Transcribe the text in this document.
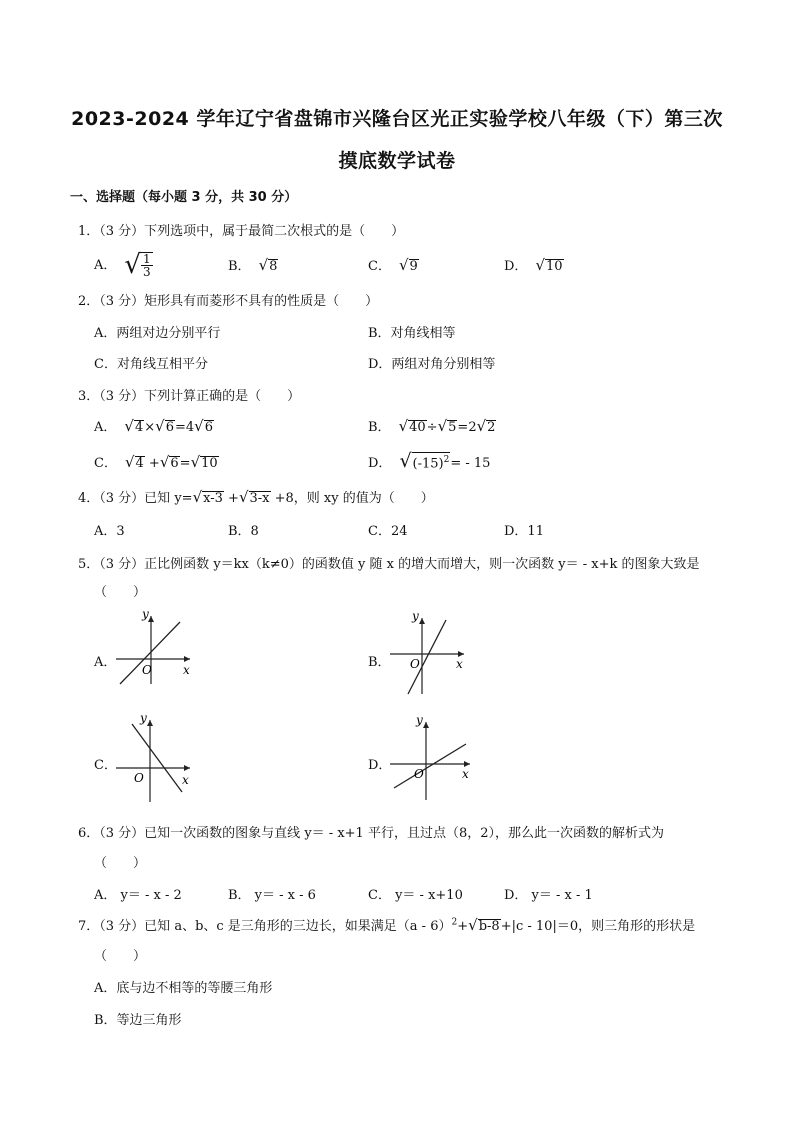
2023-2024 学年辽宁省盘锦市兴隆台区光正实验学校八年级（下）第三次
摸底数学试卷
一、选择题（每小题 3 分，共 30 分）
1．（3 分）下列选项中，属于最简二次根式的是（　　）
A． √ $\frac{1}{3}$	B． √8	C． √9	D． √10
2．（3 分）矩形具有而菱形不具有的性质是（　　）
A．两组对边分别平行	B．对角线相等
C．对角线互相平分	D．两组对角分别相等
3．（3 分）下列计算正确的是（　　）
A． √4×√6=4√6	B． √40÷√5=2√2
C． √4 +√6=√10	D． $√(-15)^2= - 15$
4．（3 分）已知 y=√x-3 +√3-x +8，则 xy 的值为（　　）
A．3	B．8	C．24	D．11
5．（3 分）正比例函数 y＝kx（k≠0）的函数值 y 随 x 的增大而增大，则一次函数 y＝ - x+k 的图象大致是
（　　）
A．
y
x
O	B．
y
x
O
C．
y
x
O
D．
y
x
O
6．（3 分）已知一次函数的图象与直线 y＝ - x+1 平行，且过点（8，2），那么此一次函数的解析式为
（　　）
A． y＝ - x - 2	B． y＝ - x - 6	C． y＝ - x+10	D． y＝ - x - 1
7．（3 分）已知 a、b、c 是三角形的三边长，如果满足（a - 6）$^2$+√b-8+|c - 10|＝0，则三角形的形状是
（　　）
A．底与边不相等的等腰三角形
B．等边三角形
